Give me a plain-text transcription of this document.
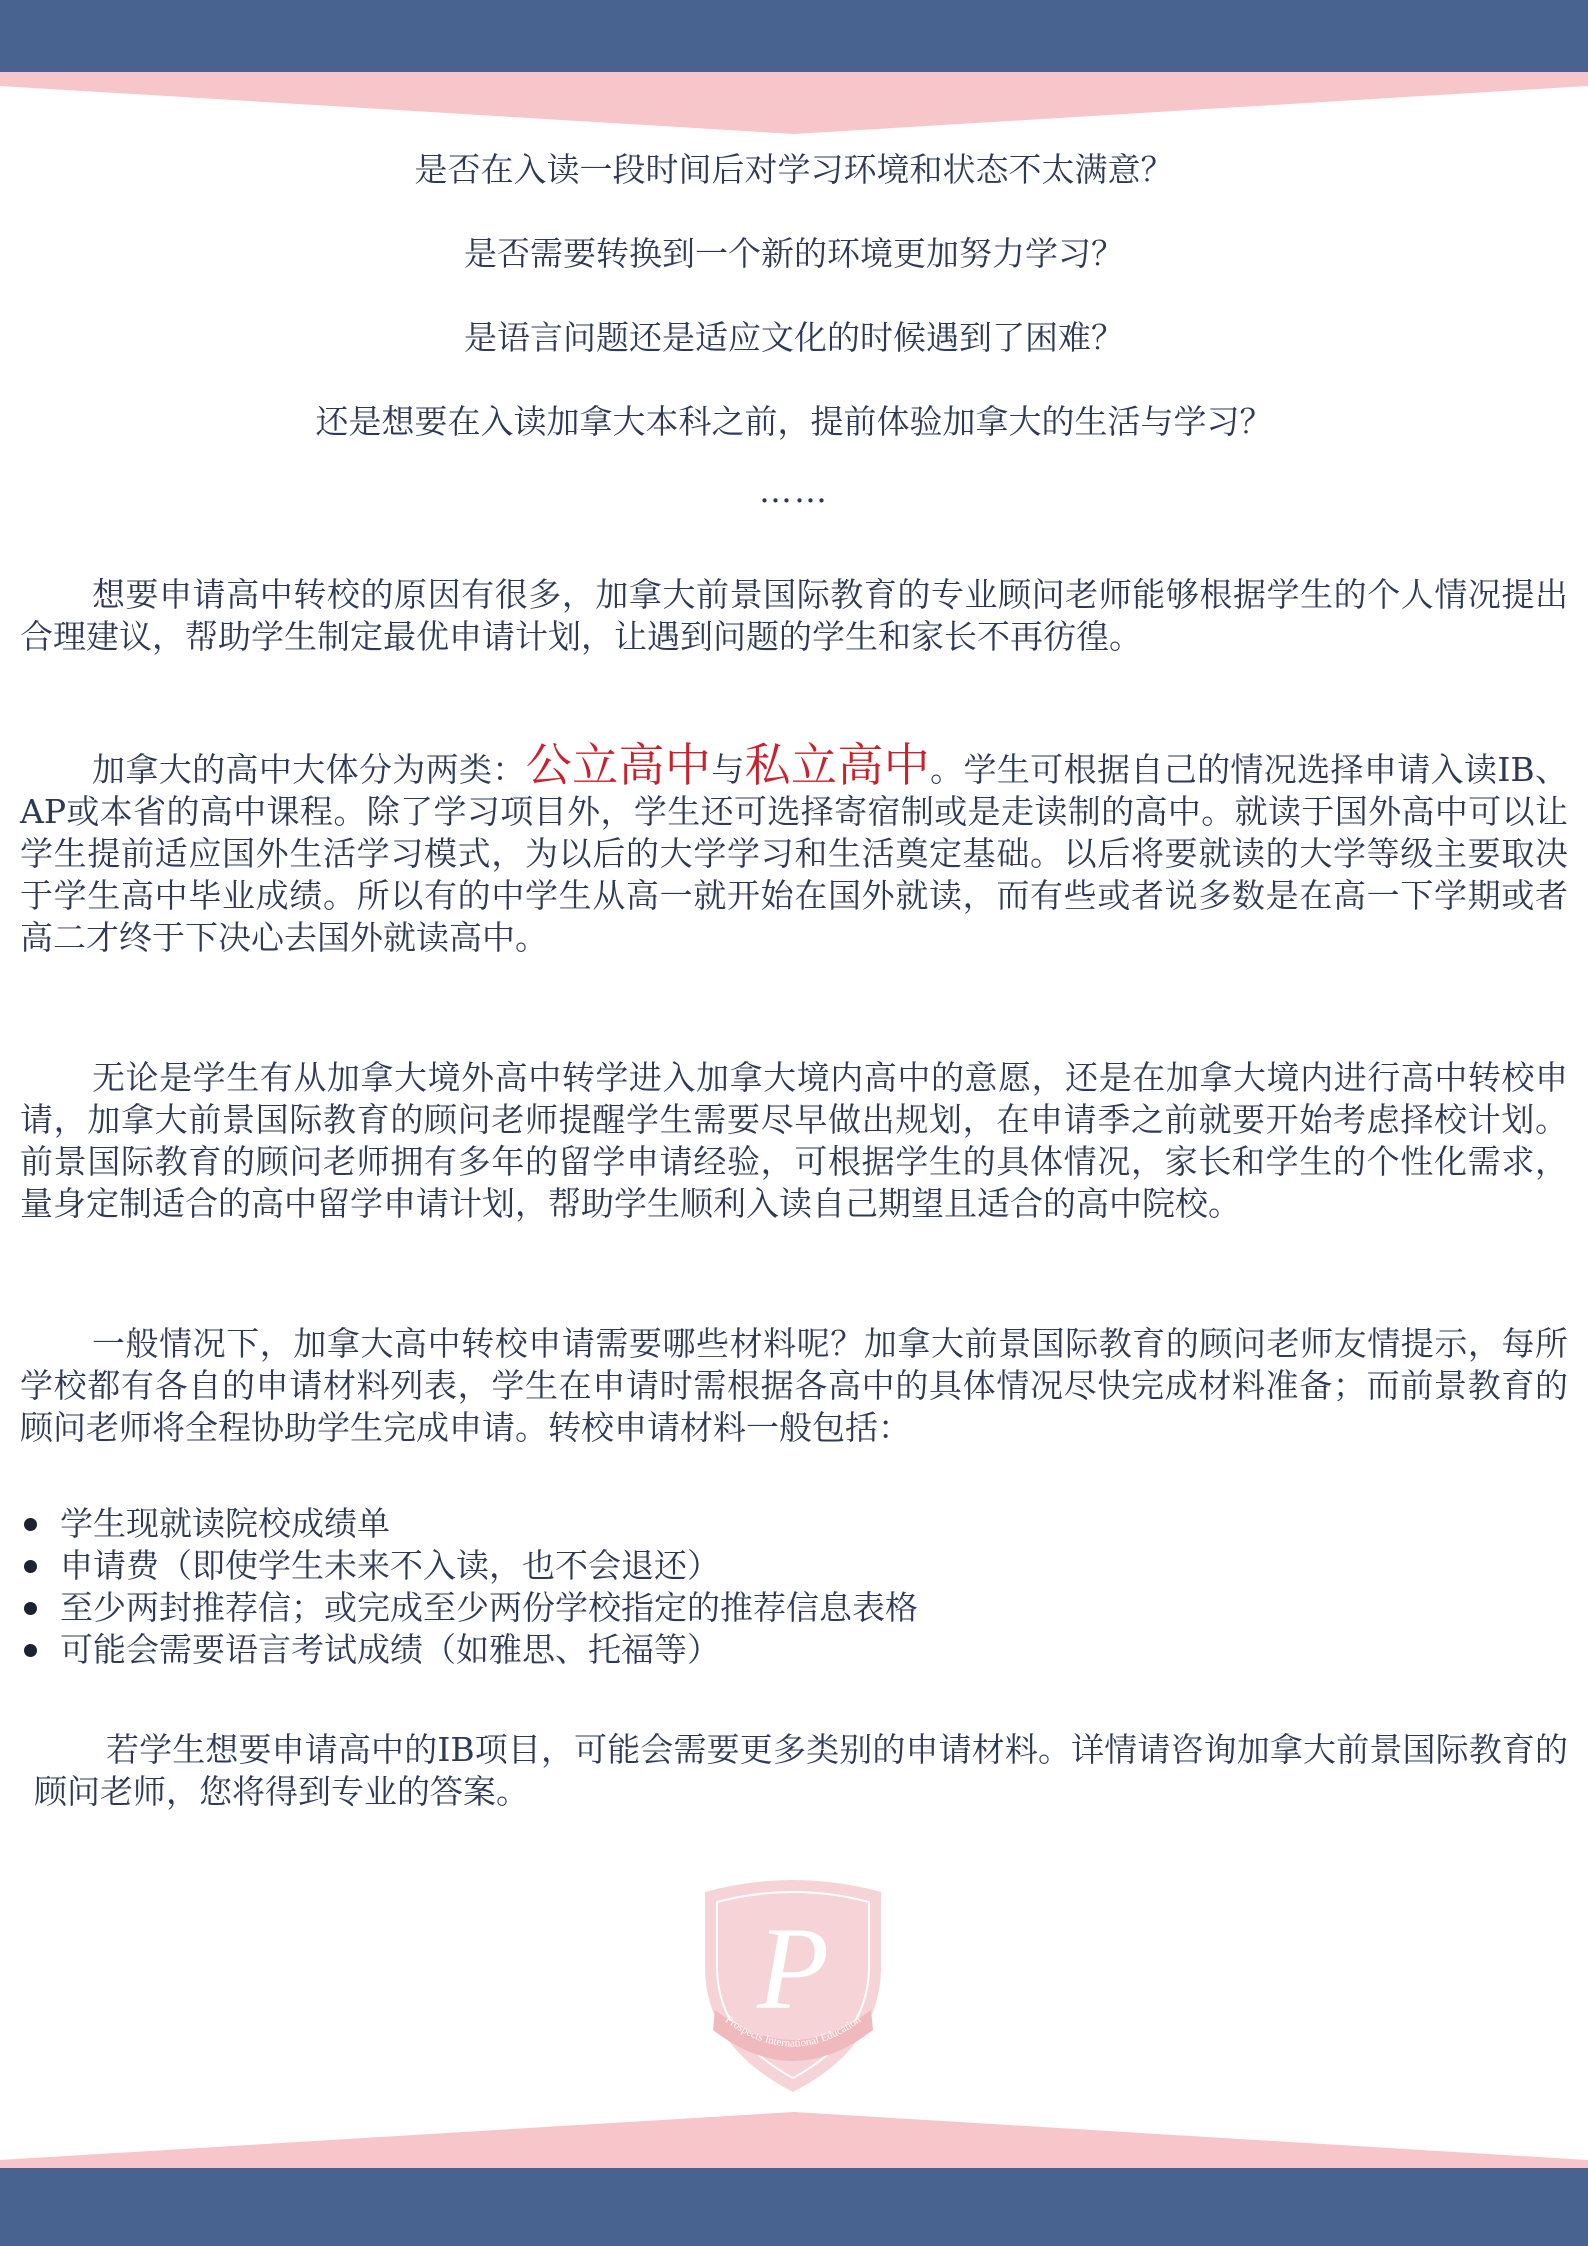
是否在入读一段时间后对学习环境和状态不太满意？

是否需要转换到一个新的环境更加努力学习？

是语言问题还是适应文化的时候遇到了困难？

还是想要在入读加拿大本科之前，提前体验加拿大的生活与学习？

……

想要申请高中转校的原因有很多，加拿大前景国际教育的专业顾问老师能够根据学生的个人情况提出合理建议，帮助学生制定最优申请计划，让遇到问题的学生和家长不再彷徨。

加拿大的高中大体分为两类：公立高中与私立高中。学生可根据自己的情况选择申请入读IB、AP或本省的高中课程。除了学习项目外，学生还可选择寄宿制或是走读制的高中。就读于国外高中可以让学生提前适应国外生活学习模式，为以后的大学学习和生活奠定基础。以后将要就读的大学等级主要取决于学生高中毕业成绩。所以有的中学生从高一就开始在国外就读，而有些或者说多数是在高一下学期或者高二才终于下决心去国外就读高中。

无论是学生有从加拿大境外高中转学进入加拿大境内高中的意愿，还是在加拿大境内进行高中转校申请，加拿大前景国际教育的顾问老师提醒学生需要尽早做出规划，在申请季之前就要开始考虑择校计划。前景国际教育的顾问老师拥有多年的留学申请经验，可根据学生的具体情况，家长和学生的个性化需求，量身定制适合的高中留学申请计划，帮助学生顺利入读自己期望且适合的高中院校。

一般情况下，加拿大高中转校申请需要哪些材料呢？加拿大前景国际教育的顾问老师友情提示，每所学校都有各自的申请材料列表，学生在申请时需根据各高中的具体情况尽快完成材料准备；而前景教育的顾问老师将全程协助学生完成申请。转校申请材料一般包括：

学生现就读院校成绩单
申请费（即使学生未来不入读，也不会退还）
至少两封推荐信；或完成至少两份学校指定的推荐信息表格
可能会需要语言考试成绩（如雅思、托福等）

若学生想要申请高中的IB项目，可能会需要更多类别的申请材料。详情请咨询加拿大前景国际教育的顾问老师，您将得到专业的答案。

P
Prospects International Education
